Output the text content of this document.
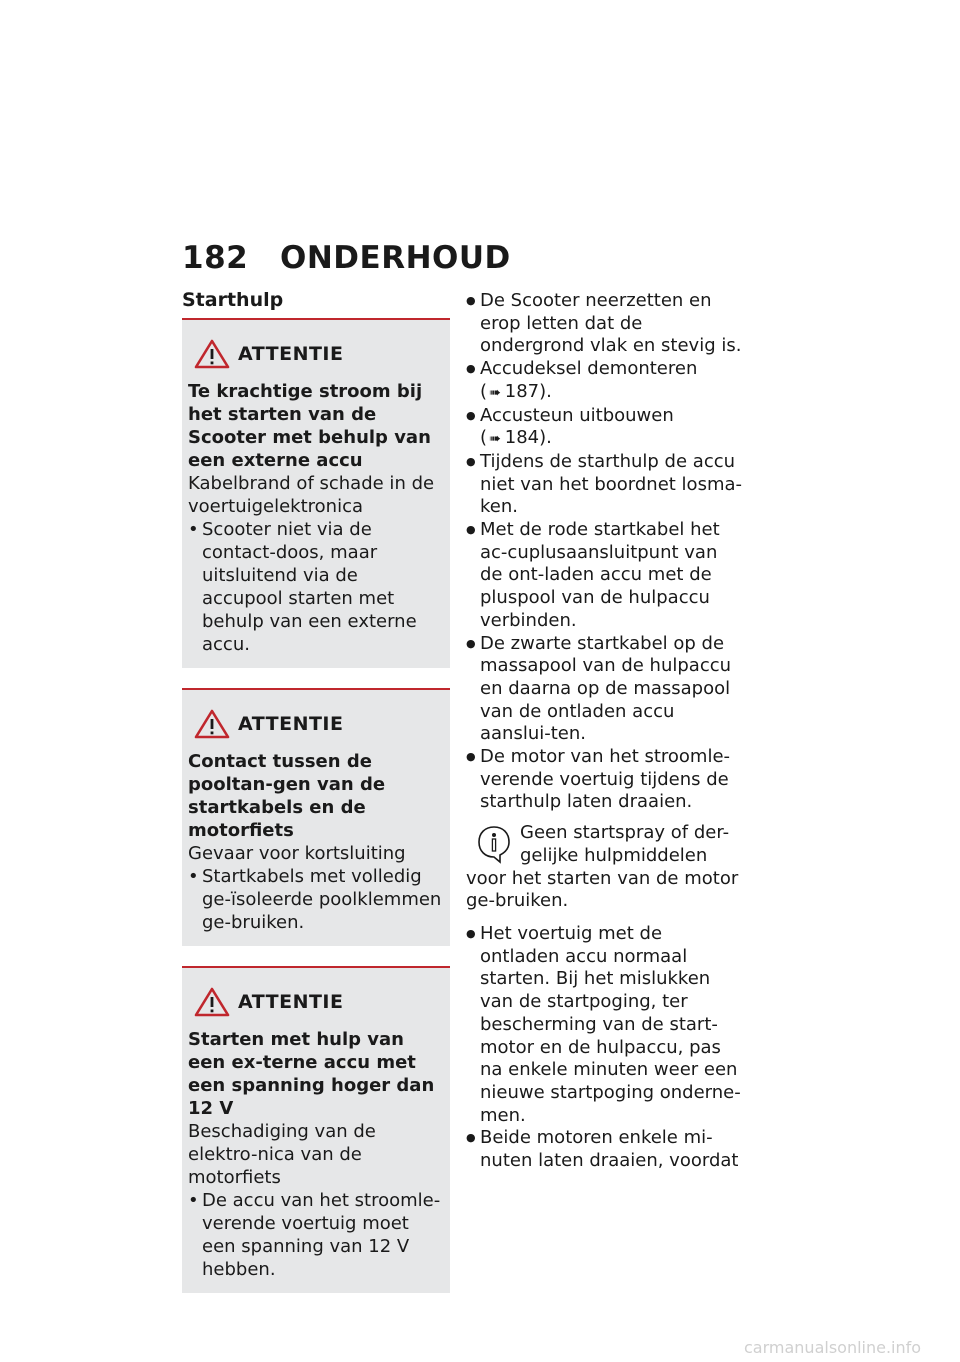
182 ONDERHOUD
Starthulp
ATTENTIE
Te krachtige stroom bij het starten van de Scooter met behulp van een externe accu
Kabelbrand of schade in de voertuigelektronica
• Scooter niet via de contact-doos, maar uitsluitend via de accupool starten met behulp van een externe accu.
ATTENTIE
Contact tussen de pooltan-gen van de startkabels en de motorfiets
Gevaar voor kortsluiting
• Startkabels met volledig ge-ïsoleerde poolklemmen ge-bruiken.
ATTENTIE
Starten met hulp van een ex-terne accu met een spanning hoger dan 12 V
Beschadiging van de elektro-nica van de motorfiets
• De accu van het stroomle-verende voertuig moet een spanning van 12 V hebben.
● De Scooter neerzetten en erop letten dat de ondergrond vlak en stevig is.
● Accudeksel demonteren
( ➠ 187).
● Accusteun uitbouwen
( ➠ 184).
● Tijdens de starthulp de accu niet van het boordnet losma-ken.
● Met de rode startkabel het ac-cuplusaansluitpunt van de ont-laden accu met de pluspool van de hulpaccu verbinden.
● De zwarte startkabel op de massapool van de hulpaccu en daarna op de massapool van de ontladen accu aanslui-ten.
● De motor van het stroomle-verende voertuig tijdens de starthulp laten draaien.
Geen startspray of der-gelijke hulpmiddelen voor het starten van de motor ge-bruiken.
● Het voertuig met de ontladen accu normaal starten. Bij het mislukken van de startpoging, ter bescherming van de start-motor en de hulpaccu, pas na enkele minuten weer een nieuwe startpoging onderne-men.
● Beide motoren enkele mi-nuten laten draaien, voordat
carmanualsonline.info
